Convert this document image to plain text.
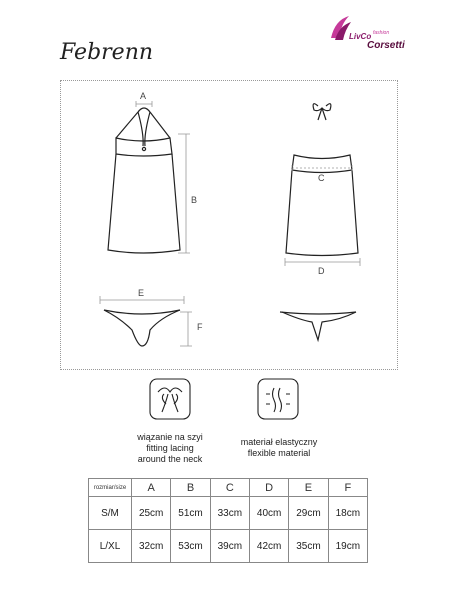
Febrenn
LivCo fashion
Corsetti
A
B
C
D
E
F
wiązanie na szyi
fitting lacing
around the neck
materiał elastyczny
flexible material
rozmiar/size	A	B	C	D	E	F
S/M	25cm	51cm	33cm	40cm	29cm	18cm
L/XL	32cm	53cm	39cm	42cm	35cm	19cm
